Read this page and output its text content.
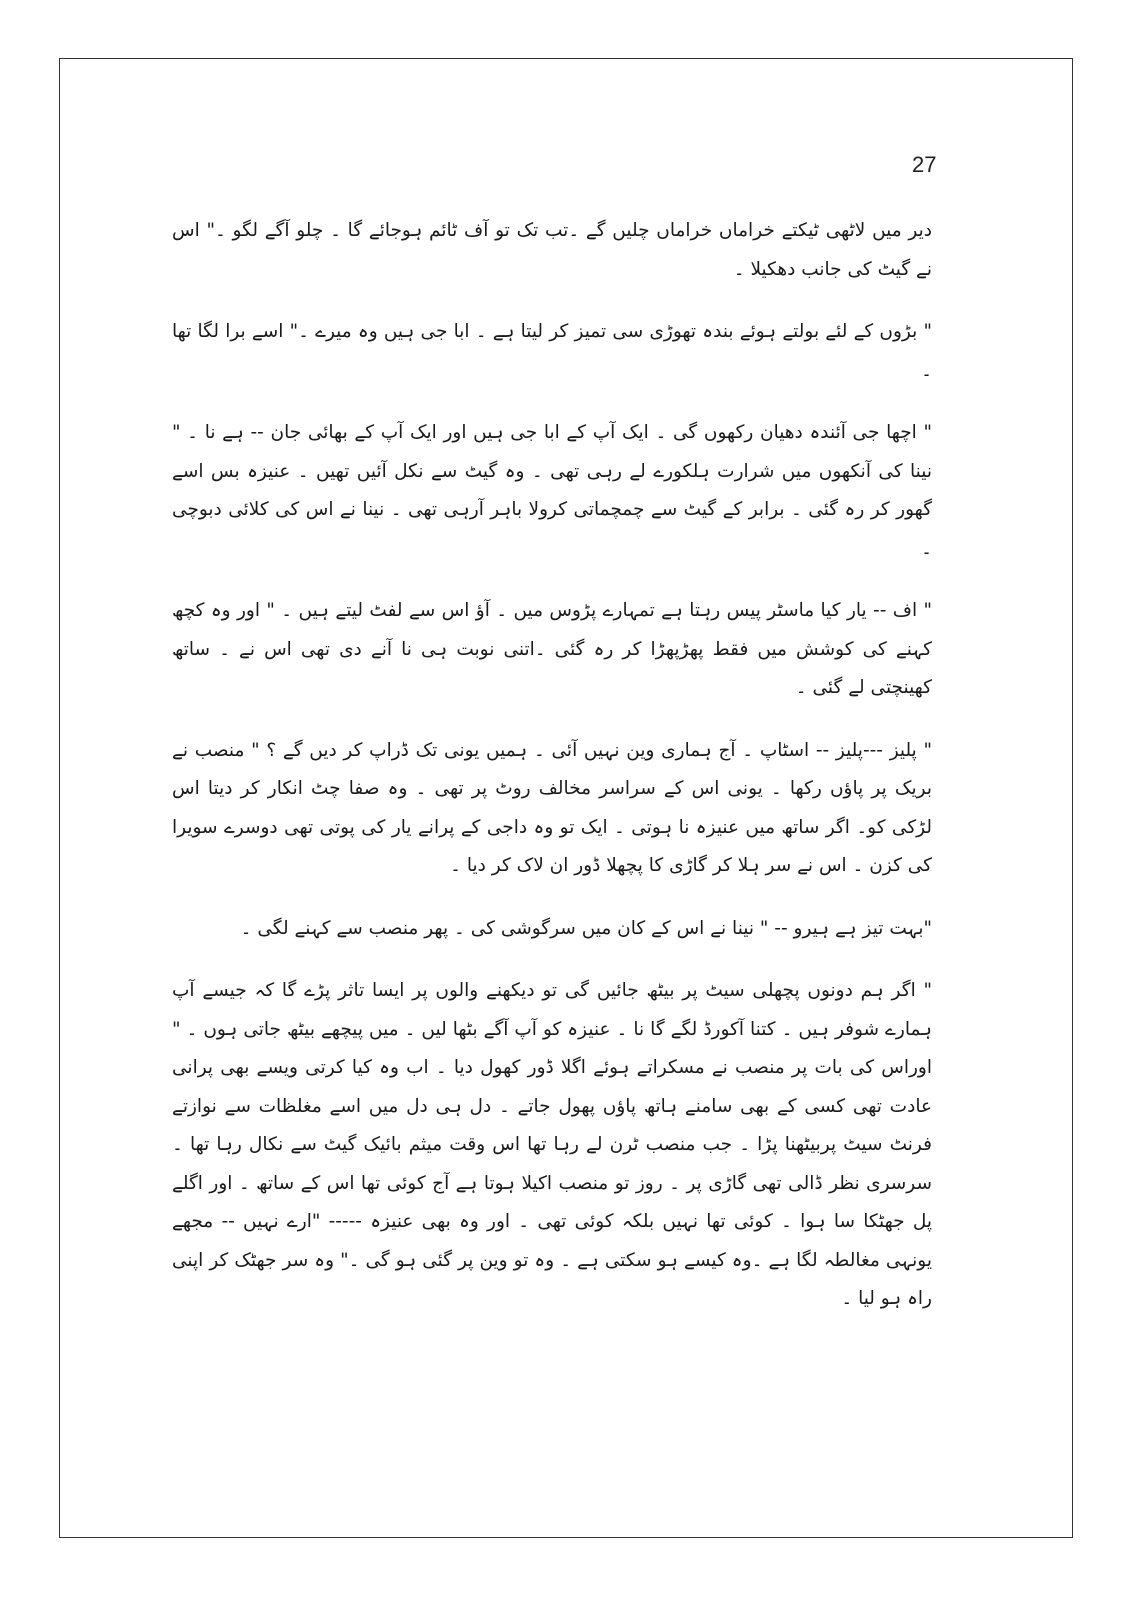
27

دیر میں لاٹھی ٹیکتے خراماں خراماں چلیں گے ۔تب تک تو آف ٹائم ہوجائے گا ۔ چلو آگے لگو ۔" اس نے گیٹ کی جانب دھکیلا ۔

" بڑوں کے لئے بولتے ہوئے بندہ تھوڑی سی تمیز کر لیتا ہے ۔ ابا جی ہیں وہ میرے ۔" اسے برا لگا تھا ۔

" اچھا جی آئندہ دھیان رکھوں گی ۔ ایک آپ کے ابا جی ہیں اور ایک آپ کے بھائی جان -- ہے نا ۔ " نینا کی آنکھوں میں شرارت ہلکورے لے رہی تھی ۔ وہ گیٹ سے نکل آئیں تھیں ۔ عنیزہ بس اسے گھور کر رہ گئی ۔ برابر کے گیٹ سے چمچماتی کرولا باہر آرہی تھی ۔ نینا نے اس کی کلائی دبوچی ۔

" اف -- یار کیا ماسٹر پیس رہتا ہے تمہارے پڑوس میں ۔ آؤ اس سے لفٹ لیتے ہیں ۔ " اور وہ کچھ کہنے کی کوشش میں فقط پھڑپھڑا کر رہ گئی ۔اتنی نوبت ہی نا آنے دی تھی اس نے ۔ ساتھ کھینچتی لے گئی ۔

" پلیز ---پلیز -- اسٹاپ ۔ آج ہماری وین نہیں آئی ۔ ہمیں یونی تک ڈراپ کر دیں گے ؟ " منصب نے بریک پر پاؤں رکھا ۔ یونی اس کے سراسر مخالف روٹ پر تھی ۔ وہ صفا چٹ انکار کر دیتا اس لڑکی کو۔ اگر ساتھ میں عنیزہ نا ہوتی ۔ ایک تو وہ داجی کے پرانے یار کی پوتی تھی دوسرے سویرا کی کزن ۔ اس نے سر ہلا کر گاڑی کا پچھلا ڈور ان لاک کر دیا ۔

"بہت تیز ہے ہیرو -- " نینا نے اس کے کان میں سرگوشی کی ۔ پھر منصب سے کہنے لگی ۔

" اگر ہم دونوں پچھلی سیٹ پر بیٹھ جائیں گی تو دیکھنے والوں پر ایسا تاثر پڑے گا کہ جیسے آپ ہمارے شوفر ہیں ۔ کتنا آکورڈ لگے گا نا ۔ عنیزہ کو آپ آگے بٹھا لیں ۔ میں پیچھے بیٹھ جاتی ہوں ۔ " اوراس کی بات پر منصب نے مسکراتے ہوئے اگلا ڈور کھول دیا ۔ اب وہ کیا کرتی ویسے بھی پرانی عادت تھی کسی کے بھی سامنے ہاتھ پاؤں پھول جاتے ۔ دل ہی دل میں اسے مغلظات سے نوازتے فرنٹ سیٹ پربیٹھنا پڑا ۔ جب منصب ٹرن لے رہا تھا اس وقت میثم بائیک گیٹ سے نکال رہا تھا ۔ سرسری نظر ڈالی تھی گاڑی پر ۔ روز تو منصب اکیلا ہوتا ہے آج کوئی تھا اس کے ساتھ ۔ اور اگلے پل جھٹکا سا ہوا ۔ کوئی تھا نہیں بلکہ کوئی تھی ۔ اور وہ بھی عنیزہ ----- "ارے نہیں -- مجھے یونہی مغالطہ لگا ہے ۔وہ کیسے ہو سکتی ہے ۔ وہ تو وین پر گئی ہو گی ۔" وہ سر جھٹک کر اپنی راہ ہو لیا ۔
